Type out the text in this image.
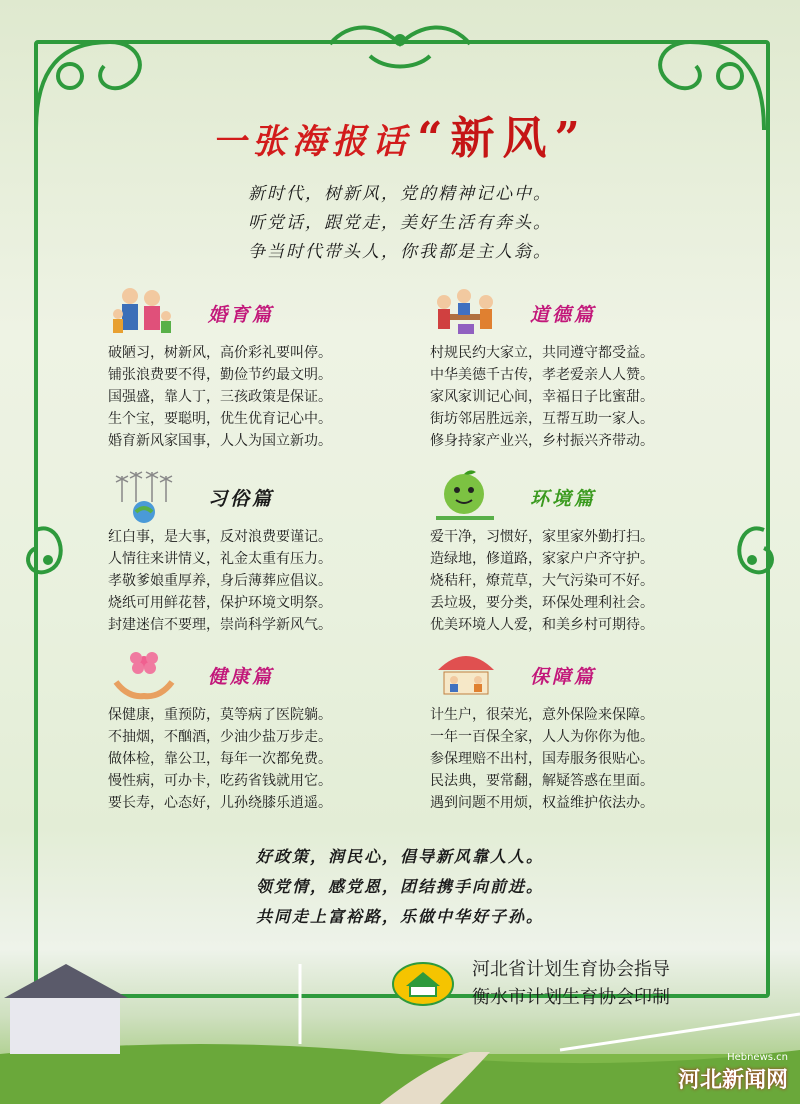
一张海报话 “新风”
新时代，树新风，党的精神记心中。
听党话，跟党走，美好生活有奔头。
争当时代带头人，你我都是主人翁。
婚育篇
破陋习，树新风，高价彩礼要叫停。
铺张浪费要不得，勤俭节约最文明。
国强盛，靠人丁，三孩政策是保证。
生个宝，要聪明，优生优育记心中。
婚育新风家国事，人人为国立新功。
道德篇
村规民约大家立，共同遵守都受益。
中华美德千古传，孝老爱亲人人赞。
家风家训记心间，幸福日子比蜜甜。
街坊邻居胜远亲，互帮互助一家人。
修身持家产业兴，乡村振兴齐带动。
习俗篇
红白事，是大事，反对浪费要谨记。
人情往来讲情义，礼金太重有压力。
孝敬爹娘重厚养，身后薄葬应倡议。
烧纸可用鲜花替，保护环境文明祭。
封建迷信不要理，崇尚科学新风气。
环境篇
爱干净，习惯好，家里家外勤打扫。
造绿地，修道路，家家户户齐守护。
烧秸秆，燎荒草，大气污染可不好。
丢垃圾，要分类，环保处理利社会。
优美环境人人爱，和美乡村可期待。
健康篇
保健康，重预防，莫等病了医院躺。
不抽烟，不酗酒，少油少盐万步走。
做体检，靠公卫，每年一次都免费。
慢性病，可办卡，吃药省钱就用它。
要长寿，心态好，儿孙绕膝乐逍遥。
保障篇
计生户，很荣光，意外保险来保障。
一年一百保全家，人人为你你为他。
参保理赔不出村，国寿服务很贴心。
民法典，要常翻，解疑答惑在里面。
遇到问题不用烦，权益维护依法办。
好政策，润民心，倡导新风靠人人。
领党情，感党恩，团结携手向前进。
共同走上富裕路，乐做中华好子孙。
河北省计划生育协会指导
衡水市计划生育协会印制
Hebnews.cn
河北新闻网
